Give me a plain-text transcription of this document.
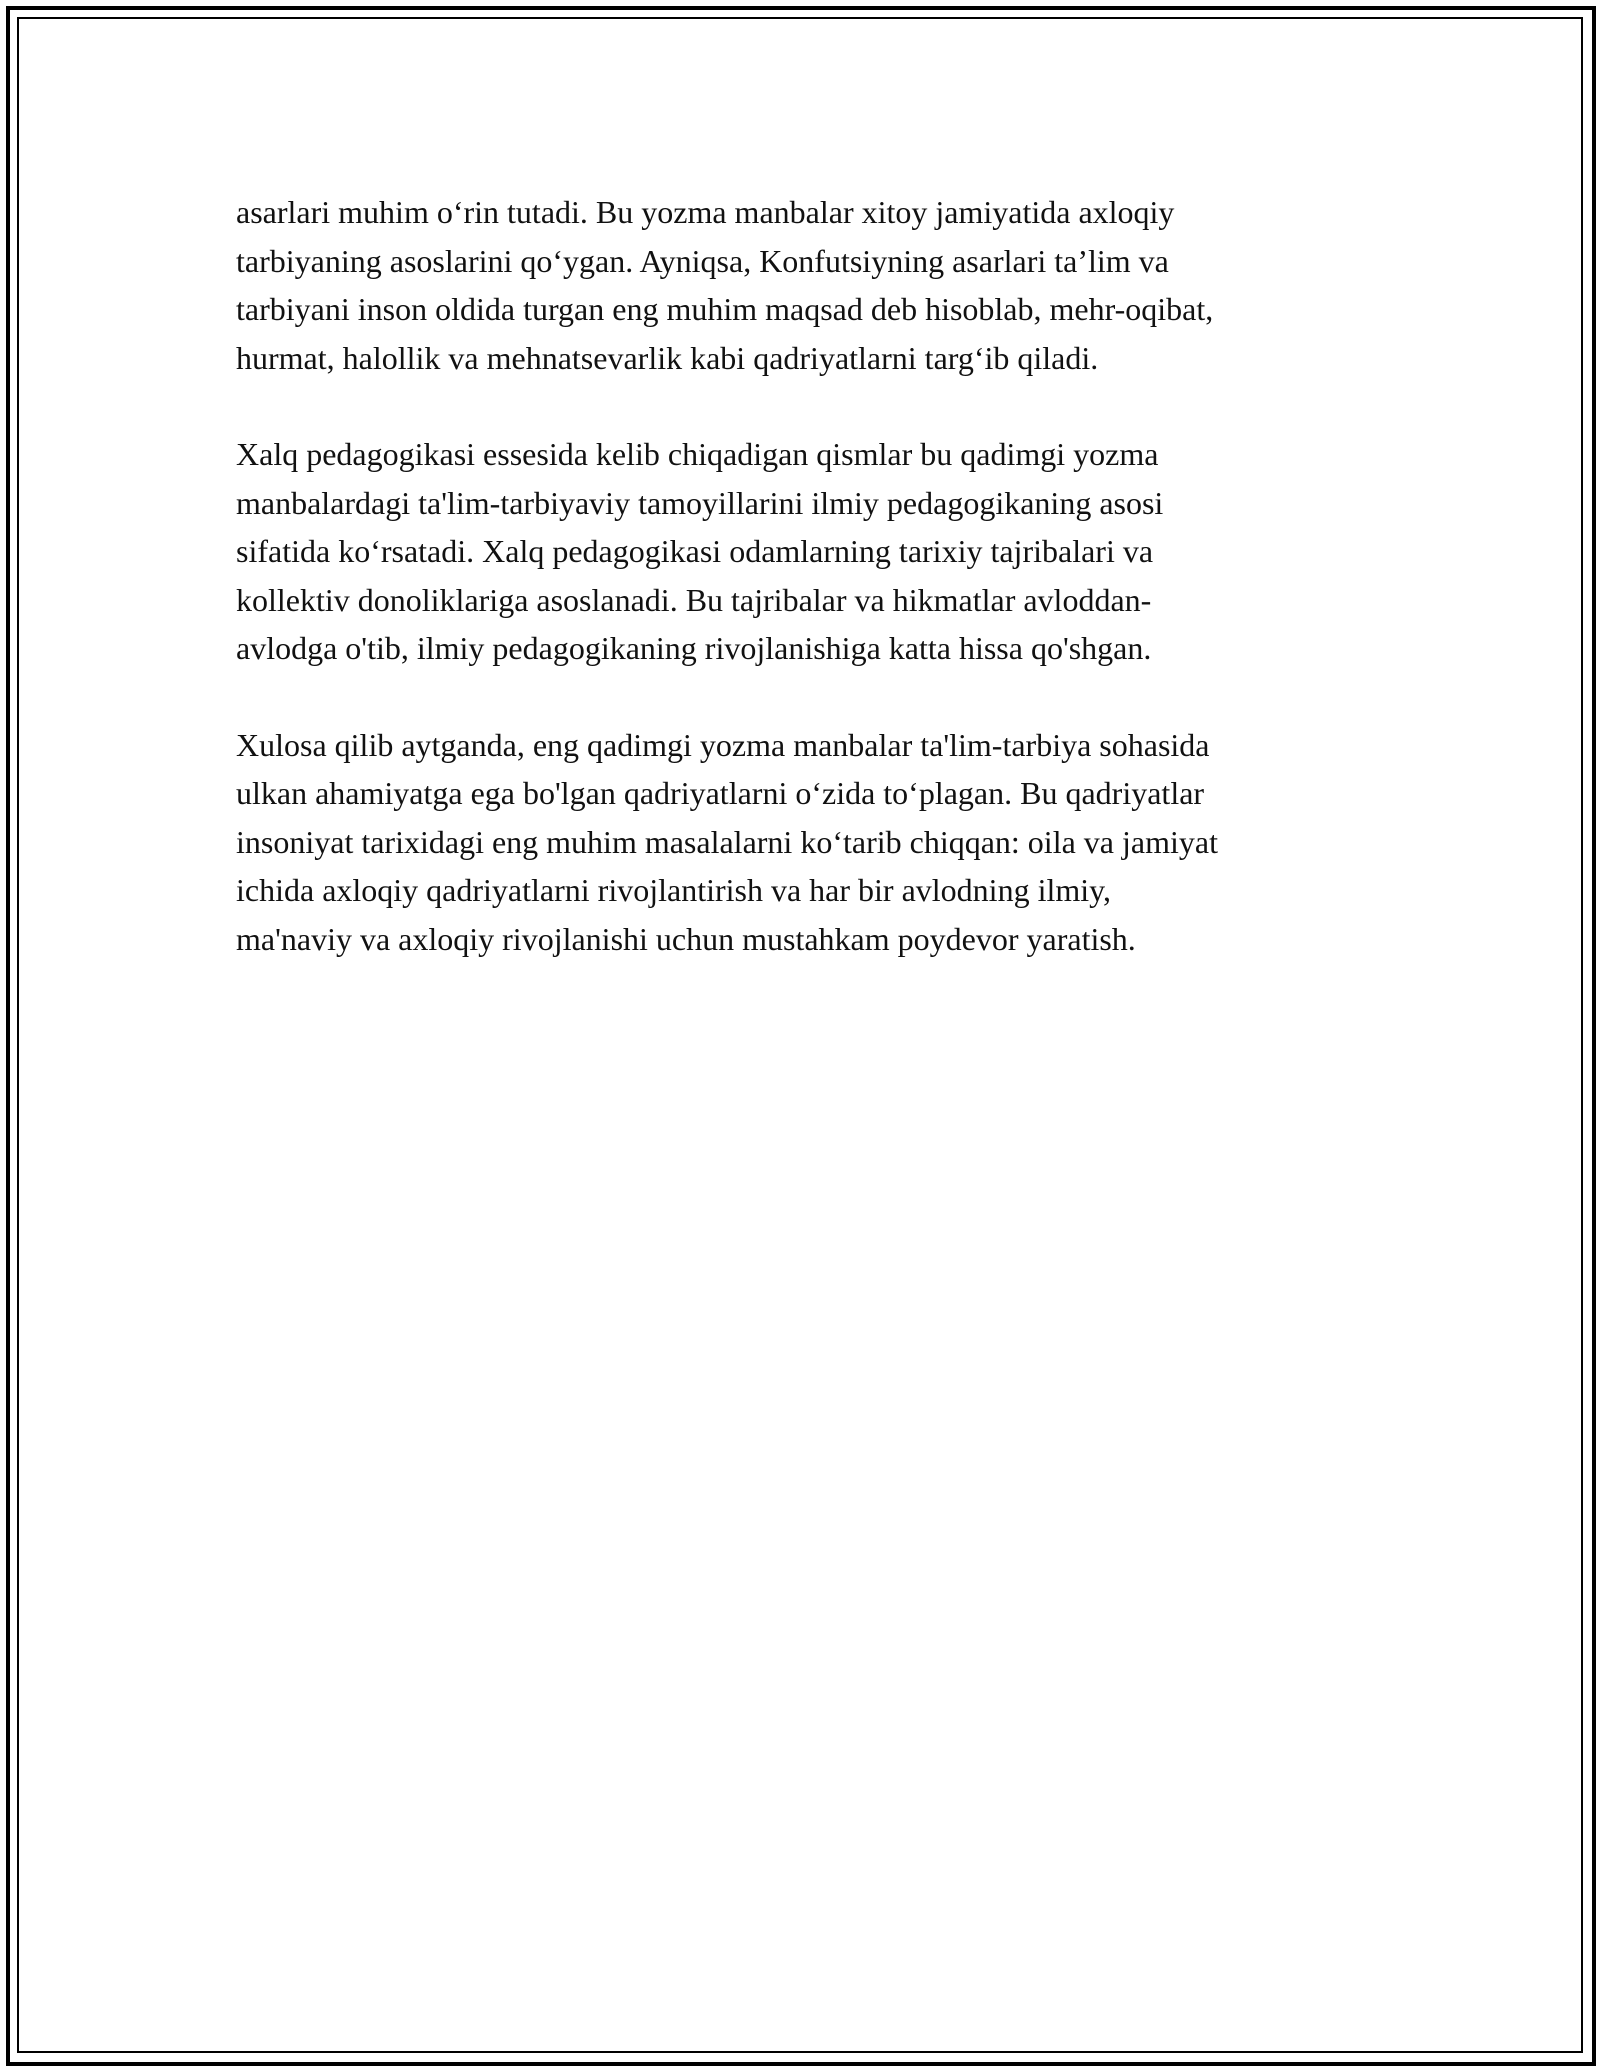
asarlari muhim o‘rin tutadi. Bu yozma manbalar xitoy jamiyatida axloqiy
tarbiyaning asoslarini qo‘ygan. Ayniqsa, Konfutsiyning asarlari ta’lim va
tarbiyani inson oldida turgan eng muhim maqsad deb hisoblab, mehr-oqibat,
hurmat, halollik va mehnatsevarlik kabi qadriyatlarni targ‘ib qiladi.

Xalq pedagogikasi essesida kelib chiqadigan qismlar bu qadimgi yozma
manbalardagi ta'lim-tarbiyaviy tamoyillarini ilmiy pedagogikaning asosi
sifatida ko‘rsatadi. Xalq pedagogikasi odamlarning tarixiy tajribalari va
kollektiv donoliklariga asoslanadi. Bu tajribalar va hikmatlar avloddan-
avlodga o'tib, ilmiy pedagogikaning rivojlanishiga katta hissa qo'shgan.

Xulosa qilib aytganda, eng qadimgi yozma manbalar ta'lim-tarbiya sohasida
ulkan ahamiyatga ega bo'lgan qadriyatlarni o‘zida to‘plagan. Bu qadriyatlar
insoniyat tarixidagi eng muhim masalalarni ko‘tarib chiqqan: oila va jamiyat
ichida axloqiy qadriyatlarni rivojlantirish va har bir avlodning ilmiy,
ma'naviy va axloqiy rivojlanishi uchun mustahkam poydevor yaratish.
